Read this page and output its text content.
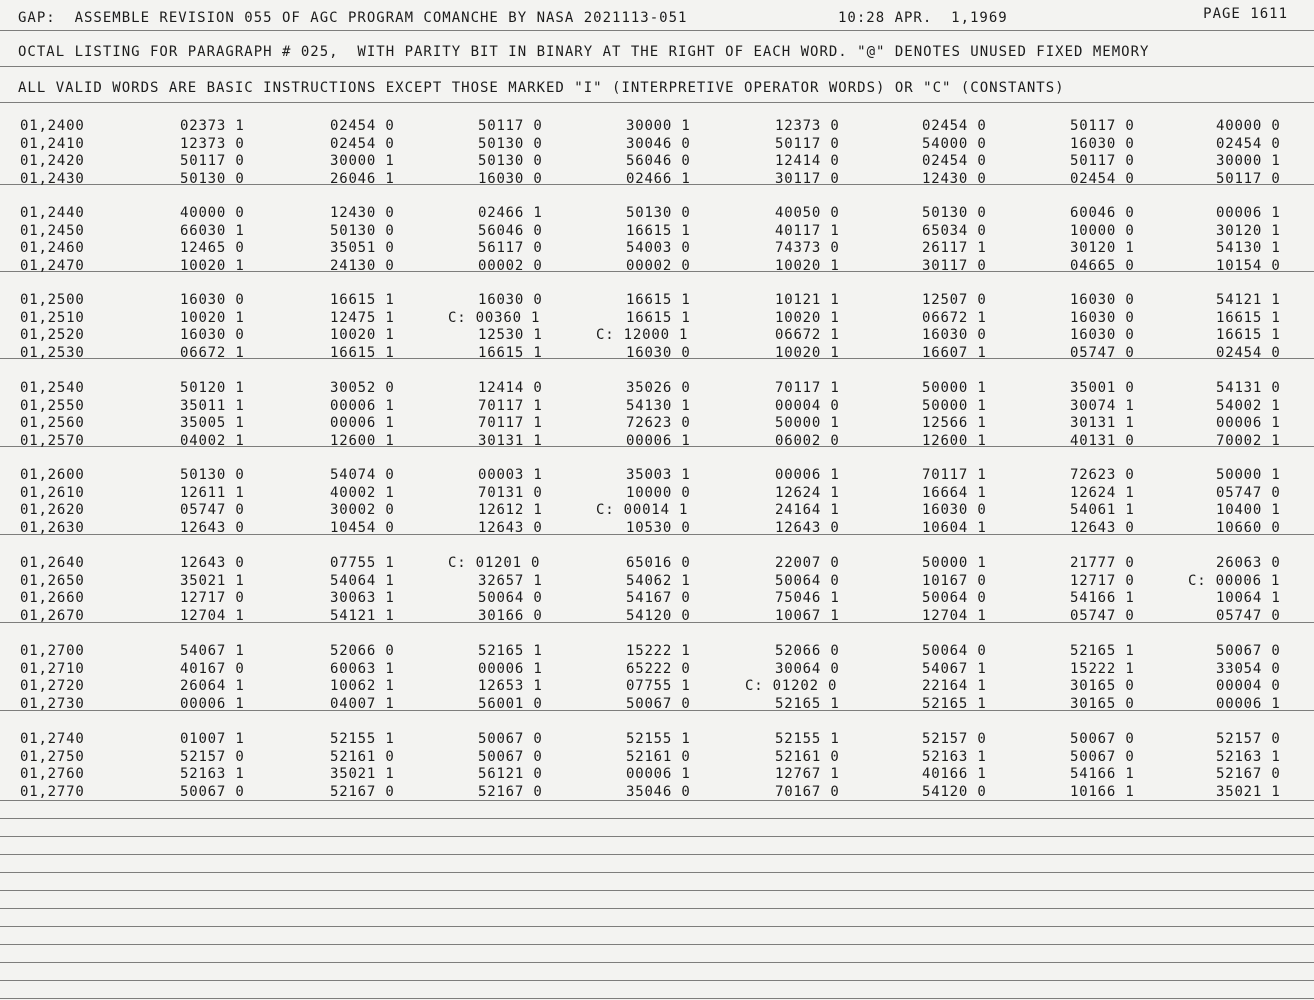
GAP:  ASSEMBLE REVISION 055 OF AGC PROGRAM COMANCHE BY NASA 2021113-051	10:28 APR.  1,1969	PAGE 1611
OCTAL LISTING FOR PARAGRAPH # 025,  WITH PARITY BIT IN BINARY AT THE RIGHT OF EACH WORD. "@" DENOTES UNUSED FIXED MEMORY
ALL VALID WORDS ARE BASIC INSTRUCTIONS EXCEPT THOSE MARKED "I" (INTERPRETIVE OPERATOR WORDS) OR "C" (CONSTANTS)
01,2400	02373 1	02454 0	50117 0	30000 1	12373 0	02454 0	50117 0	40000 0
01,2410	12373 0	02454 0	50130 0	30046 0	50117 0	54000 0	16030 0	02454 0
01,2420	50117 0	30000 1	50130 0	56046 0	12414 0	02454 0	50117 0	30000 1
01,2430	50130 0	26046 1	16030 0	02466 1	30117 0	12430 0	02454 0	50117 0
01,2440	40000 0	12430 0	02466 1	50130 0	40050 0	50130 0	60046 0	00006 1
01,2450	66030 1	50130 0	56046 0	16615 1	40117 1	65034 0	10000 0	30120 1
01,2460	12465 0	35051 0	56117 0	54003 0	74373 0	26117 1	30120 1	54130 1
01,2470	10020 1	24130 0	00002 0	00002 0	10020 1	30117 0	04665 0	10154 0
01,2500	16030 0	16615 1	16030 0	16615 1	10121 1	12507 0	16030 0	54121 1
01,2510	10020 1	12475 1	C: 00360 1	16615 1	10020 1	06672 1	16030 0	16615 1
01,2520	16030 0	10020 1	12530 1	C: 12000 1	06672 1	16030 0	16030 0	16615 1
01,2530	06672 1	16615 1	16615 1	16030 0	10020 1	16607 1	05747 0	02454 0
01,2540	50120 1	30052 0	12414 0	35026 0	70117 1	50000 1	35001 0	54131 0
01,2550	35011 1	00006 1	70117 1	54130 1	00004 0	50000 1	30074 1	54002 1
01,2560	35005 1	00006 1	70117 1	72623 0	50000 1	12566 1	30131 1	00006 1
01,2570	04002 1	12600 1	30131 1	00006 1	06002 0	12600 1	40131 0	70002 1
01,2600	50130 0	54074 0	00003 1	35003 1	00006 1	70117 1	72623 0	50000 1
01,2610	12611 1	40002 1	70131 0	10000 0	12624 1	16664 1	12624 1	05747 0
01,2620	05747 0	30002 0	12612 1	C: 00014 1	24164 1	16030 0	54061 1	10400 1
01,2630	12643 0	10454 0	12643 0	10530 0	12643 0	10604 1	12643 0	10660 0
01,2640	12643 0	07755 1	C: 01201 0	65016 0	22007 0	50000 1	21777 0	26063 0
01,2650	35021 1	54064 1	32657 1	54062 1	50064 0	10167 0	12717 0	C: 00006 1
01,2660	12717 0	30063 1	50064 0	54167 0	75046 1	50064 0	54166 1	10064 1
01,2670	12704 1	54121 1	30166 0	54120 0	10067 1	12704 1	05747 0	05747 0
01,2700	54067 1	52066 0	52165 1	15222 1	52066 0	50064 0	52165 1	50067 0
01,2710	40167 0	60063 1	00006 1	65222 0	30064 0	54067 1	15222 1	33054 0
01,2720	26064 1	10062 1	12653 1	07755 1	C: 01202 0	22164 1	30165 0	00004 0
01,2730	00006 1	04007 1	56001 0	50067 0	52165 1	52165 1	30165 0	00006 1
01,2740	01007 1	52155 1	50067 0	52155 1	52155 1	52157 0	50067 0	52157 0
01,2750	52157 0	52161 0	50067 0	52161 0	52161 0	52163 1	50067 0	52163 1
01,2760	52163 1	35021 1	56121 0	00006 1	12767 1	40166 1	54166 1	52167 0
01,2770	50067 0	52167 0	52167 0	35046 0	70167 0	54120 0	10166 1	35021 1
